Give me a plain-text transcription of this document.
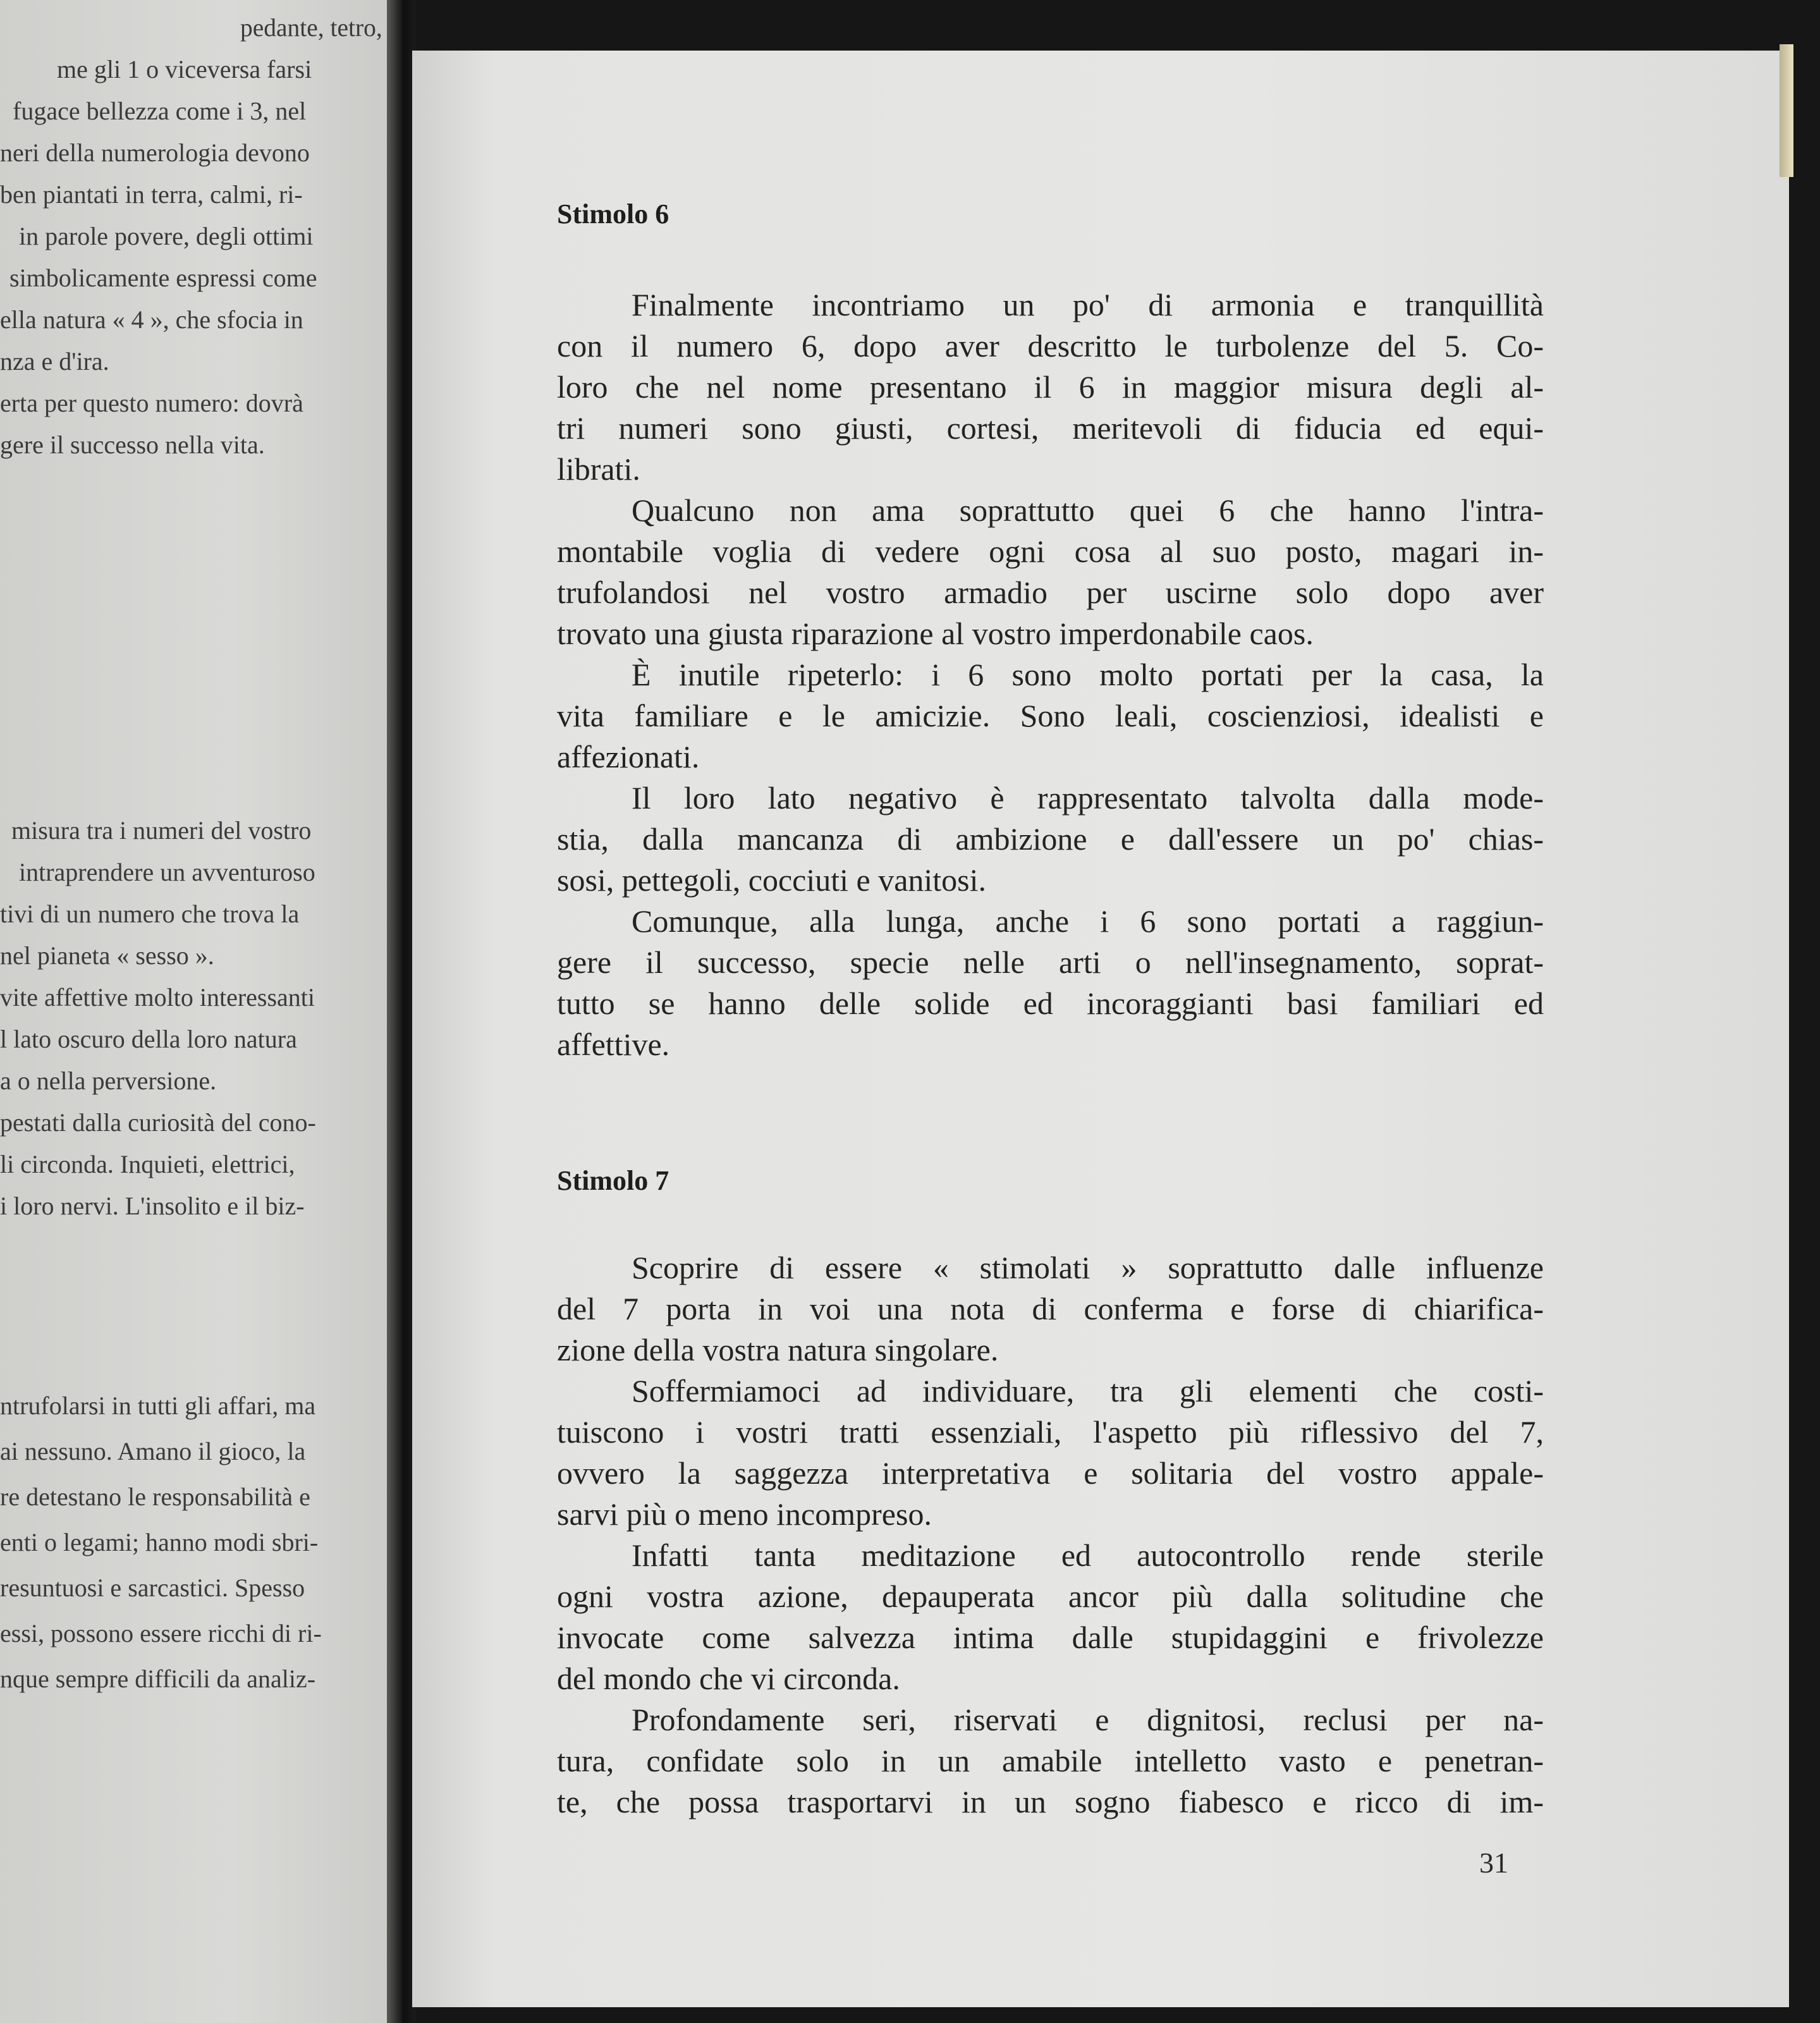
pedante, tetro,
me gli 1 o viceversa farsi
fugace bellezza come i 3, nel
neri della numerologia devono
ben piantati in terra, calmi, ri-
in parole povere, degli ottimi
simbolicamente espressi come
ella natura « 4 », che sfocia in
nza e d'ira.
erta per questo numero: dovrà
gere il successo nella vita.
misura tra i numeri del vostro
intraprendere un avventuroso
tivi di un numero che trova la
nel pianeta « sesso ».
vite affettive molto interessanti
l lato oscuro della loro natura
a o nella perversione.
pestati dalla curiosità del cono-
li circonda. Inquieti, elettrici,
i loro nervi. L'insolito e il biz-
ntrufolarsi in tutti gli affari, ma
ai nessuno. Amano il gioco, la
re detestano le responsabilità e
enti o legami; hanno modi sbri-
resuntuosi e sarcastici. Spesso
essi, possono essere ricchi di ri-
nque sempre difficili da analiz-
Stimolo 6
Finalmente incontriamo un po' di armonia e tranquillità
con il numero 6, dopo aver descritto le turbolenze del 5. Co-
loro che nel nome presentano il 6 in maggior misura degli al-
tri numeri sono giusti, cortesi, meritevoli di fiducia ed equi-
librati.
Qualcuno non ama soprattutto quei 6 che hanno l'intra-
montabile voglia di vedere ogni cosa al suo posto, magari in-
trufolandosi nel vostro armadio per uscirne solo dopo aver
trovato una giusta riparazione al vostro imperdonabile caos.
È inutile ripeterlo: i 6 sono molto portati per la casa, la
vita familiare e le amicizie. Sono leali, coscienziosi, idealisti e
affezionati.
Il loro lato negativo è rappresentato talvolta dalla mode-
stia, dalla mancanza di ambizione e dall'essere un po' chias-
sosi, pettegoli, cocciuti e vanitosi.
Comunque, alla lunga, anche i 6 sono portati a raggiun-
gere il successo, specie nelle arti o nell'insegnamento, soprat-
tutto se hanno delle solide ed incoraggianti basi familiari ed
affettive.
Stimolo 7
Scoprire di essere « stimolati » soprattutto dalle influenze
del 7 porta in voi una nota di conferma e forse di chiarifica-
zione della vostra natura singolare.
Soffermiamoci ad individuare, tra gli elementi che costi-
tuiscono i vostri tratti essenziali, l'aspetto più riflessivo del 7,
ovvero la saggezza interpretativa e solitaria del vostro appale-
sarvi più o meno incompreso.
Infatti tanta meditazione ed autocontrollo rende sterile
ogni vostra azione, depauperata ancor più dalla solitudine che
invocate come salvezza intima dalle stupidaggini e frivolezze
del mondo che vi circonda.
Profondamente seri, riservati e dignitosi, reclusi per na-
tura, confidate solo in un amabile intelletto vasto e penetran-
te, che possa trasportarvi in un sogno fiabesco e ricco di im-
31
